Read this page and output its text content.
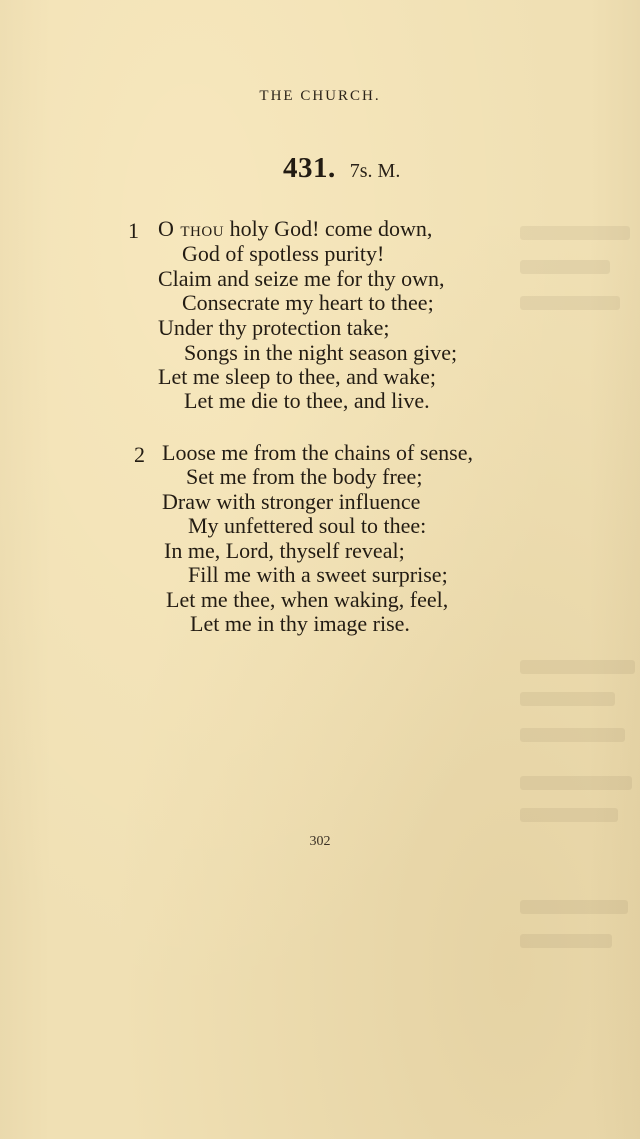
THE CHURCH.
431. 7s. M.
1 O thou holy God! come down,
God of spotless purity!
Claim and seize me for thy own,
Consecrate my heart to thee;
Under thy protection take;
Songs in the night season give;
Let me sleep to thee, and wake;
Let me die to thee, and live.
2 Loose me from the chains of sense,
Set me from the body free;
Draw with stronger influence
My unfettered soul to thee:
In me, Lord, thyself reveal;
Fill me with a sweet surprise;
Let me thee, when waking, feel,
Let me in thy image rise.
302
